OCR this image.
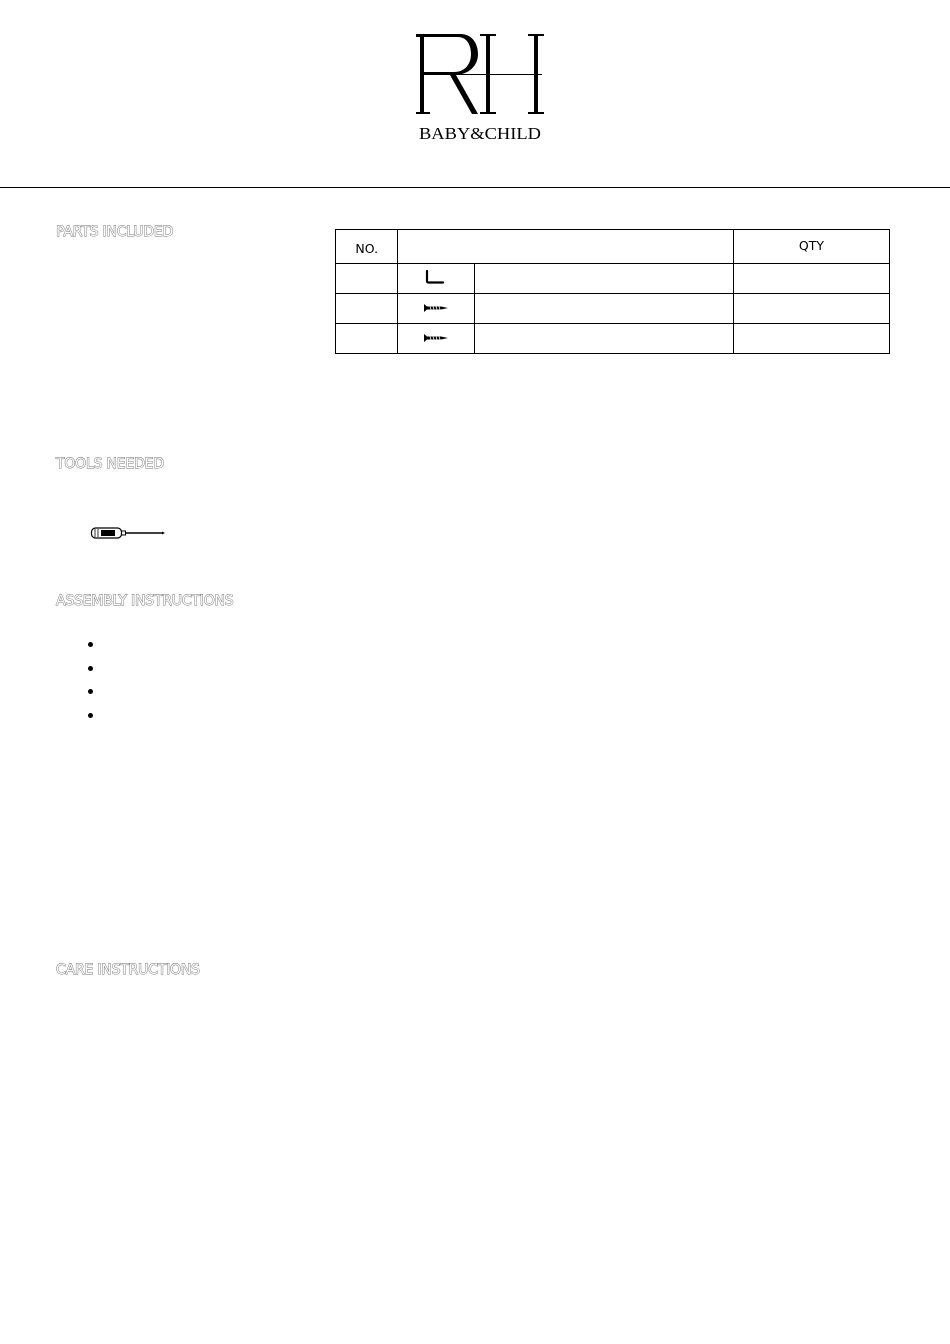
BABY&CHILD
PARTS INCLUDED
NO.			QTY

TOOLS NEEDED
ASSEMBLY INSTRUCTIONS
CARE INSTRUCTIONS
